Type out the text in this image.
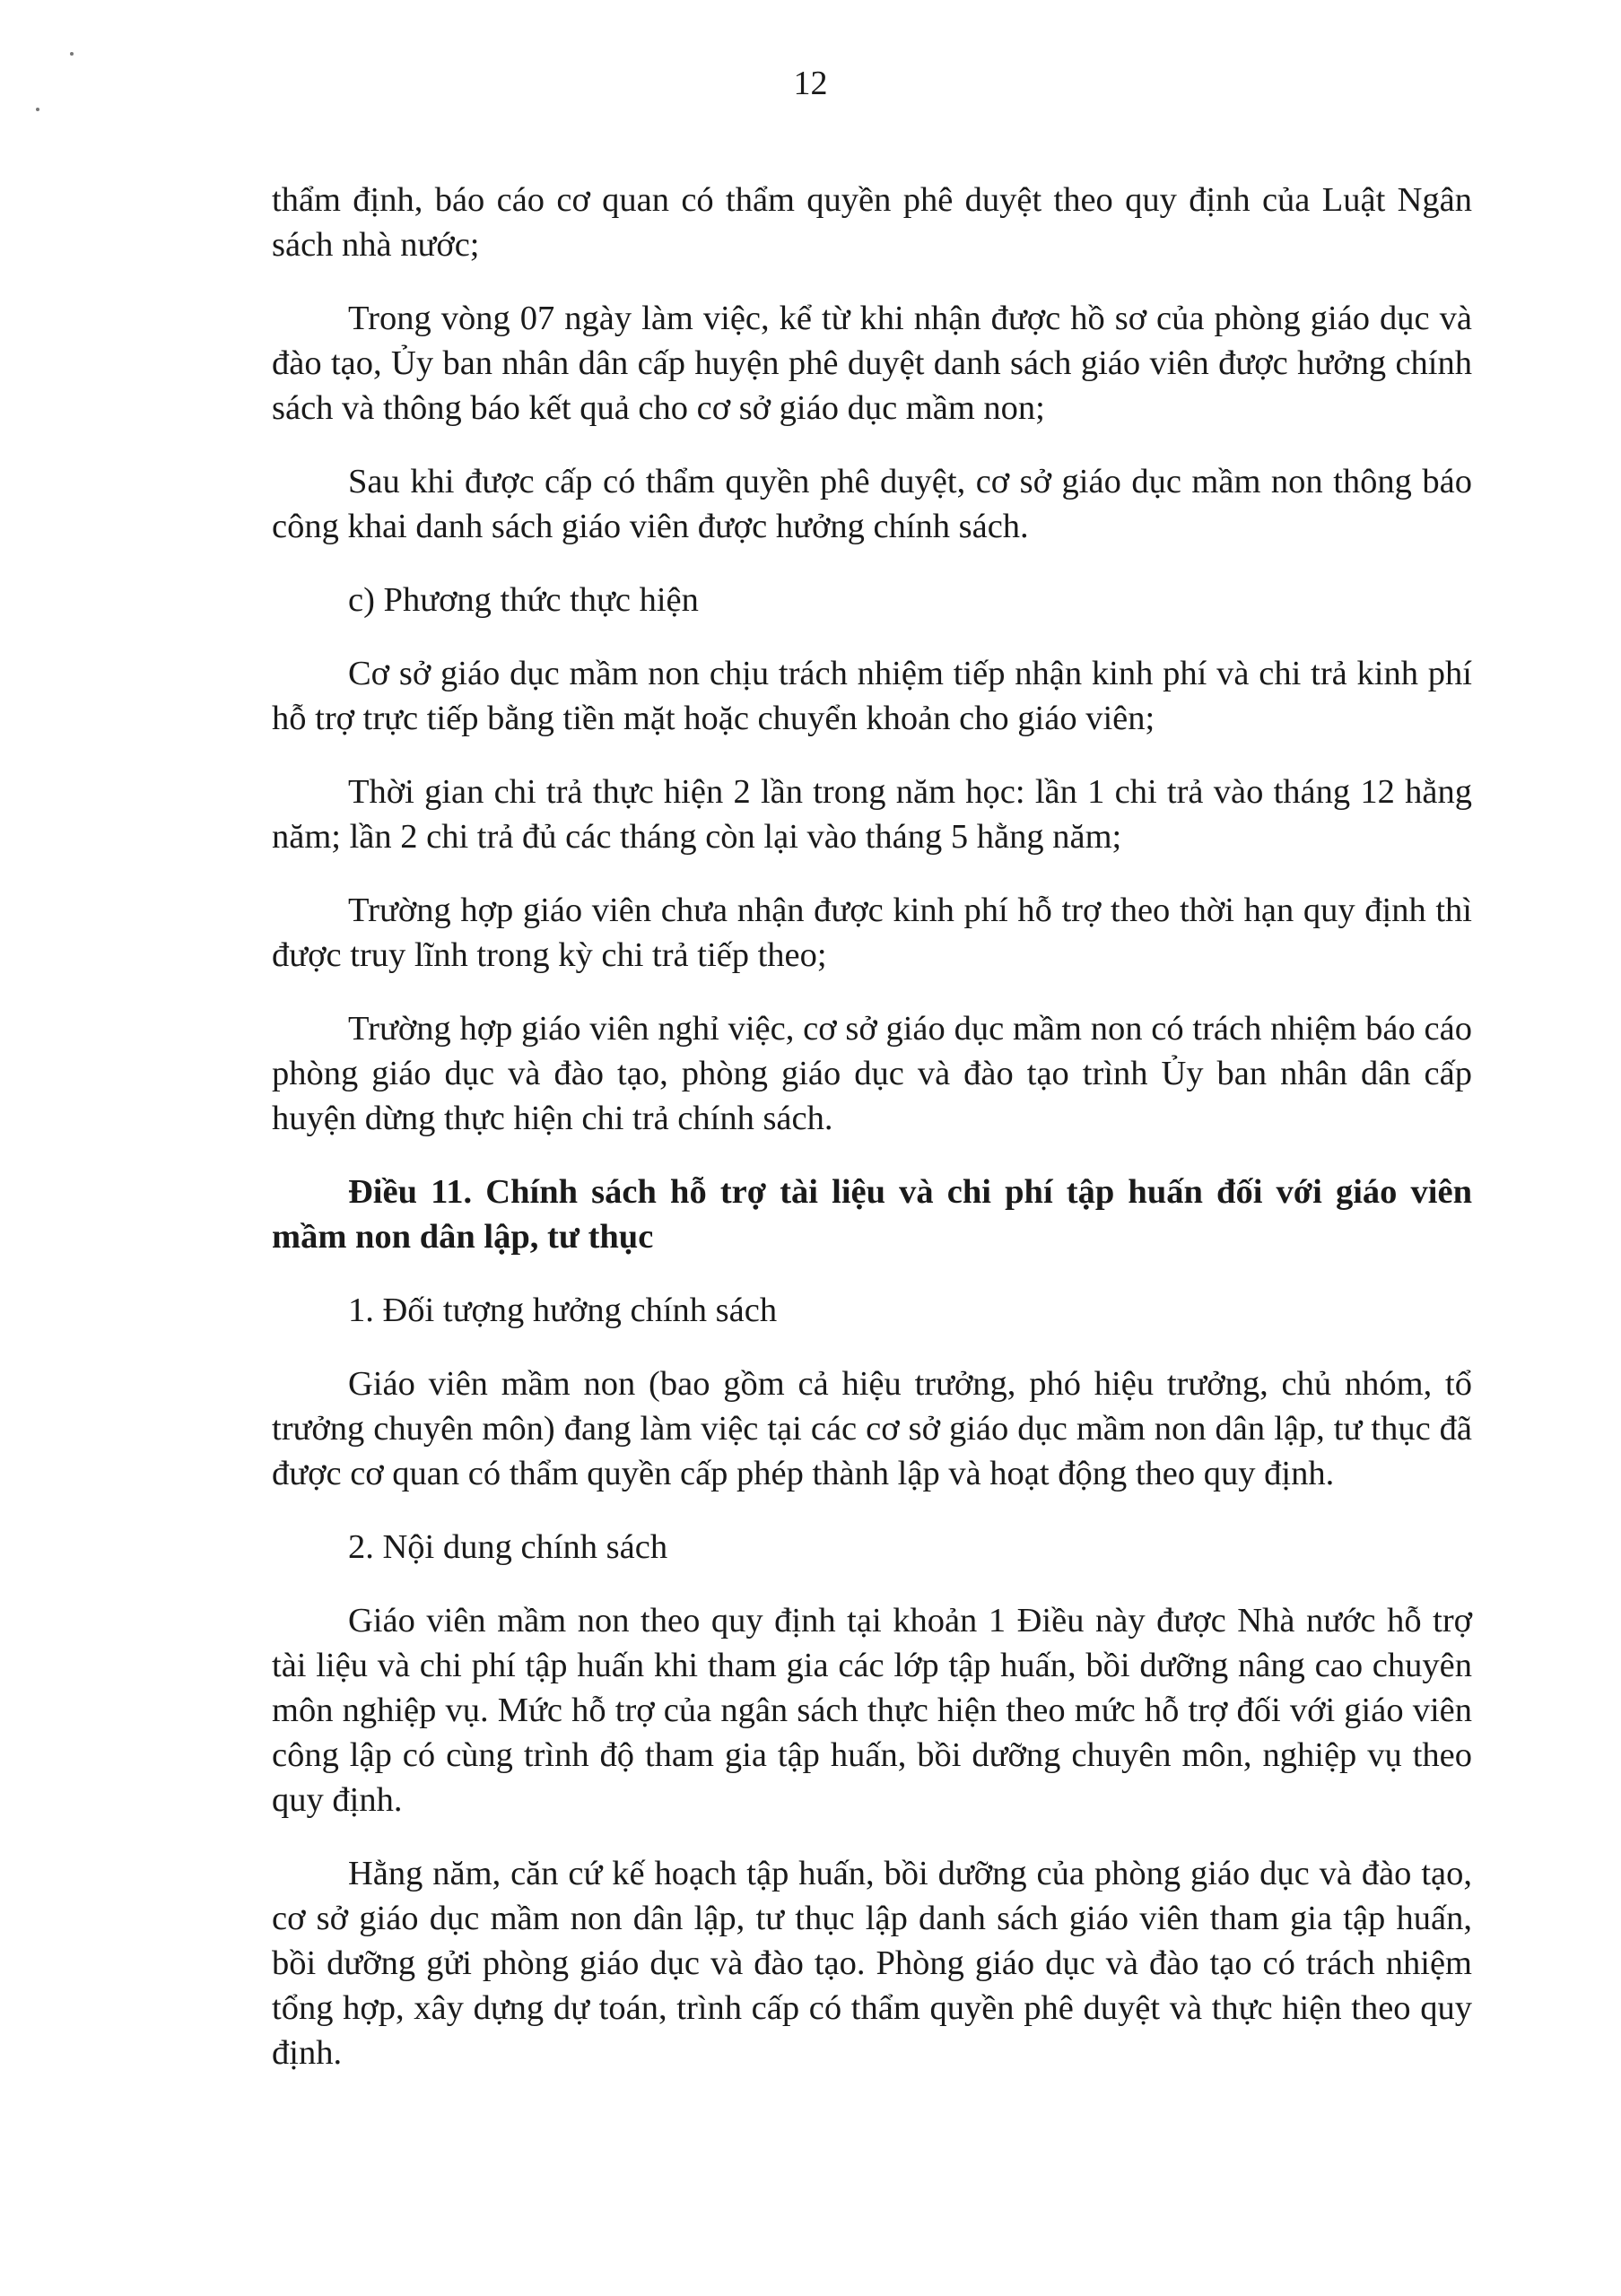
12

thẩm định, báo cáo cơ quan có thẩm quyền phê duyệt theo quy định của Luật Ngân sách nhà nước;

Trong vòng 07 ngày làm việc, kể từ khi nhận được hồ sơ của phòng giáo dục và đào tạo, Ủy ban nhân dân cấp huyện phê duyệt danh sách giáo viên được hưởng chính sách và thông báo kết quả cho cơ sở giáo dục mầm non;

Sau khi được cấp có thẩm quyền phê duyệt, cơ sở giáo dục mầm non thông báo công khai danh sách giáo viên được hưởng chính sách.

c) Phương thức thực hiện

Cơ sở giáo dục mầm non chịu trách nhiệm tiếp nhận kinh phí và chi trả kinh phí hỗ trợ trực tiếp bằng tiền mặt hoặc chuyển khoản cho giáo viên;

Thời gian chi trả thực hiện 2 lần trong năm học: lần 1 chi trả vào tháng 12 hằng năm; lần 2 chi trả đủ các tháng còn lại vào tháng 5 hằng năm;

Trường hợp giáo viên chưa nhận được kinh phí hỗ trợ theo thời hạn quy định thì được truy lĩnh trong kỳ chi trả tiếp theo;

Trường hợp giáo viên nghỉ việc, cơ sở giáo dục mầm non có trách nhiệm báo cáo phòng giáo dục và đào tạo, phòng giáo dục và đào tạo trình Ủy ban nhân dân cấp huyện dừng thực hiện chi trả chính sách.

Điều 11. Chính sách hỗ trợ tài liệu và chi phí tập huấn đối với giáo viên mầm non dân lập, tư thục

1. Đối tượng hưởng chính sách

Giáo viên mầm non (bao gồm cả hiệu trưởng, phó hiệu trưởng, chủ nhóm, tổ trưởng chuyên môn) đang làm việc tại các cơ sở giáo dục mầm non dân lập, tư thục đã được cơ quan có thẩm quyền cấp phép thành lập và hoạt động theo quy định.

2. Nội dung chính sách

Giáo viên mầm non theo quy định tại khoản 1 Điều này được Nhà nước hỗ trợ tài liệu và chi phí tập huấn khi tham gia các lớp tập huấn, bồi dưỡng nâng cao chuyên môn nghiệp vụ. Mức hỗ trợ của ngân sách thực hiện theo mức hỗ trợ đối với giáo viên công lập có cùng trình độ tham gia tập huấn, bồi dưỡng chuyên môn, nghiệp vụ theo quy định.

Hằng năm, căn cứ kế hoạch tập huấn, bồi dưỡng của phòng giáo dục và đào tạo, cơ sở giáo dục mầm non dân lập, tư thục lập danh sách giáo viên tham gia tập huấn, bồi dưỡng gửi phòng giáo dục và đào tạo. Phòng giáo dục và đào tạo có trách nhiệm tổng hợp, xây dựng dự toán, trình cấp có thẩm quyền phê duyệt và thực hiện theo quy định.
